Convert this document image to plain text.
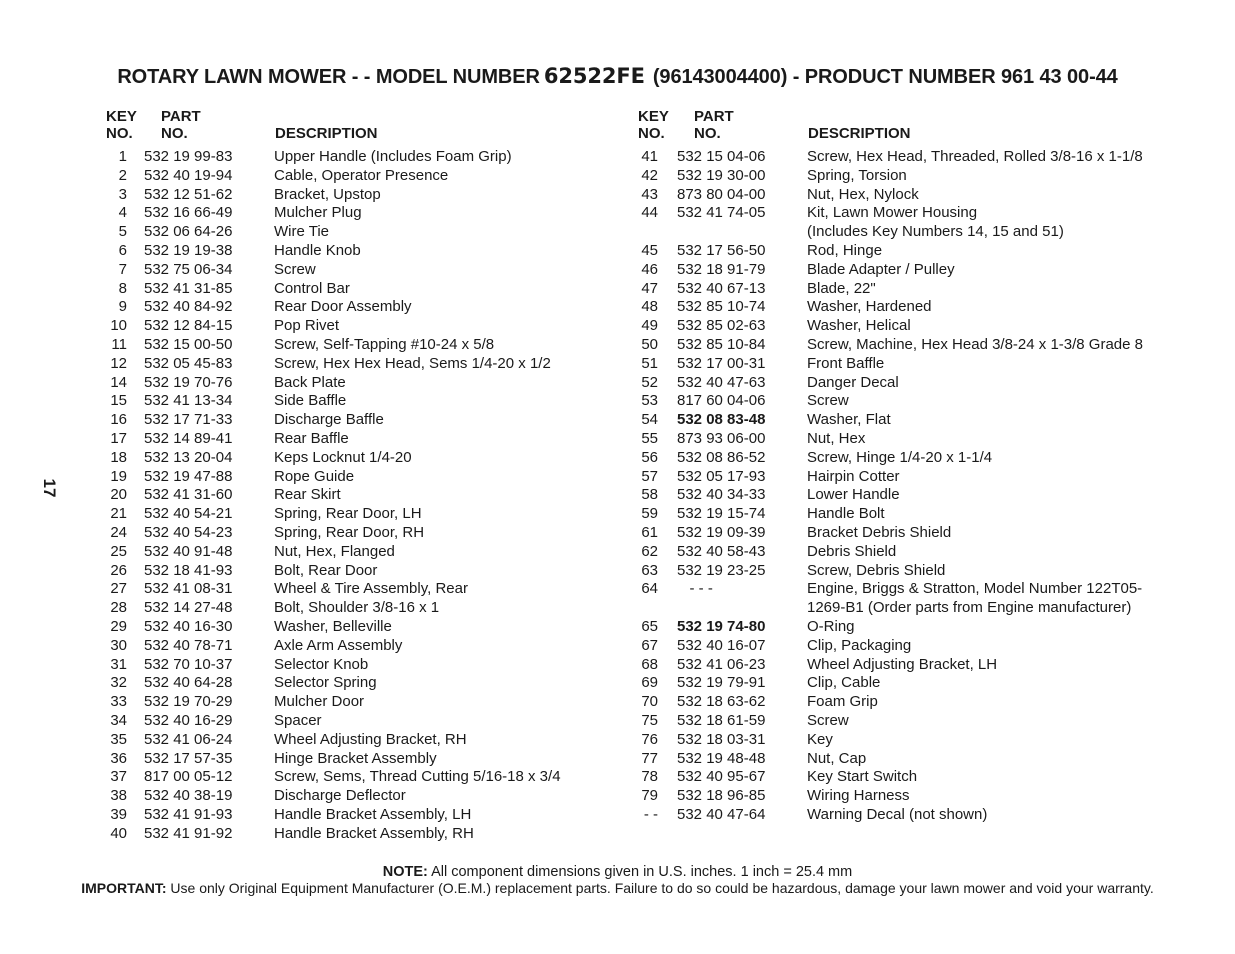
ROTARY LAWN MOWER - - MODEL NUMBER 62522FE (96143004400) - PRODUCT NUMBER 961 43 00-44
KEY
NO.
PART
NO.	DESCRIPTION
1 532 19 99-83	Upper Handle (Includes Foam Grip)
2 532 40 19-94	Cable, Operator Presence
3 532 12 51-62	Bracket, Upstop
4 532 16 66-49	Mulcher Plug
5 532 06 64-26	Wire Tie
6 532 19 19-38	Handle Knob
7 532 75 06-34	Screw
8 532 41 31-85	Control Bar
9 532 40 84-92	Rear Door Assembly
10 532 12 84-15	Pop Rivet
11 532 15 00-50	Screw, Self-Tapping #10-24 x 5/8
12 532 05 45-83	Screw, Hex Hex Head, Sems 1/4-20 x 1/2
14 532 19 70-76	Back Plate
15 532 41 13-34	Side Baffle
16 532 17 71-33	Discharge Baffle
17 532 14 89-41	Rear Baffle
18 532 13 20-04	Keps Locknut 1/4-20
19 532 19 47-88	Rope Guide
20 532 41 31-60	Rear Skirt
21 532 40 54-21	Spring, Rear Door, LH
24 532 40 54-23	Spring, Rear Door, RH
25 532 40 91-48	Nut, Hex, Flanged
26 532 18 41-93	Bolt, Rear Door
27 532 41 08-31	Wheel & Tire Assembly, Rear
28 532 14 27-48	Bolt, Shoulder 3/8-16 x 1
29 532 40 16-30	Washer, Belleville
30 532 40 78-71	Axle Arm Assembly
31 532 70 10-37	Selector Knob
32 532 40 64-28	Selector Spring
33 532 19 70-29	Mulcher Door
34 532 40 16-29	Spacer
35 532 41 06-24	Wheel Adjusting Bracket, RH
36 532 17 57-35	Hinge Bracket Assembly
37 817 00 05-12	Screw, Sems, Thread Cutting 5/16-18 x 3/4
38 532 40 38-19	Discharge Deflector
39 532 41 91-93	Handle Bracket Assembly, LH
40 532 41 91-92	Handle Bracket Assembly, RH
KEY
NO.
PART
NO.	DESCRIPTION
41 532 15 04-06	Screw, Hex Head, Threaded, Rolled 3/8-16 x 1-1/8
42 532 19 30-00	Spring, Torsion
43 873 80 04-00	Nut, Hex, Nylock
44 532 41 74-05	Kit, Lawn Mower Housing
(Includes Key Numbers 14, 15 and 51)
45 532 17 56-50	Rod, Hinge
46 532 18 91-79	Blade Adapter / Pulley
47 532 40 67-13	Blade, 22"
48 532 85 10-74	Washer, Hardened
49 532 85 02-63	Washer, Helical
50 532 85 10-84	Screw, Machine, Hex Head 3/8-24 x 1-3/8 Grade 8
51 532 17 00-31	Front Baffle
52 532 40 47-63	Danger Decal
53 817 60 04-06	Screw
54 532 08 83-48	Washer, Flat
55 873 93 06-00	Nut, Hex
56 532 08 86-52	Screw, Hinge 1/4-20 x 1-1/4
57 532 05 17-93	Hairpin Cotter
58 532 40 34-33	Lower Handle
59 532 19 15-74	Handle Bolt
61 532 19 09-39	Bracket Debris Shield
62 532 40 58-43	Debris Shield
63 532 19 23-25	Screw, Debris Shield
64 - - -	Engine, Briggs & Stratton, Model Number 122T05-
1269-B1 (Order parts from Engine manufacturer)
65 532 19 74-80	O-Ring
67 532 40 16-07	Clip, Packaging
68 532 41 06-23	Wheel Adjusting Bracket, LH
69 532 19 79-91	Clip, Cable
70 532 18 63-62	Foam Grip
75 532 18 61-59	Screw
76 532 18 03-31	Key
77 532 19 48-48	Nut, Cap
78 532 40 95-67	Key Start Switch
79 532 18 96-85	Wiring Harness
- - 532 40 47-64	Warning Decal (not shown)
17
NOTE: All component dimensions given in U.S. inches. 1 inch = 25.4 mm
IMPORTANT: Use only Original Equipment Manufacturer (O.E.M.) replacement parts. Failure to do so could be hazardous, damage your lawn mower and void your warranty.
